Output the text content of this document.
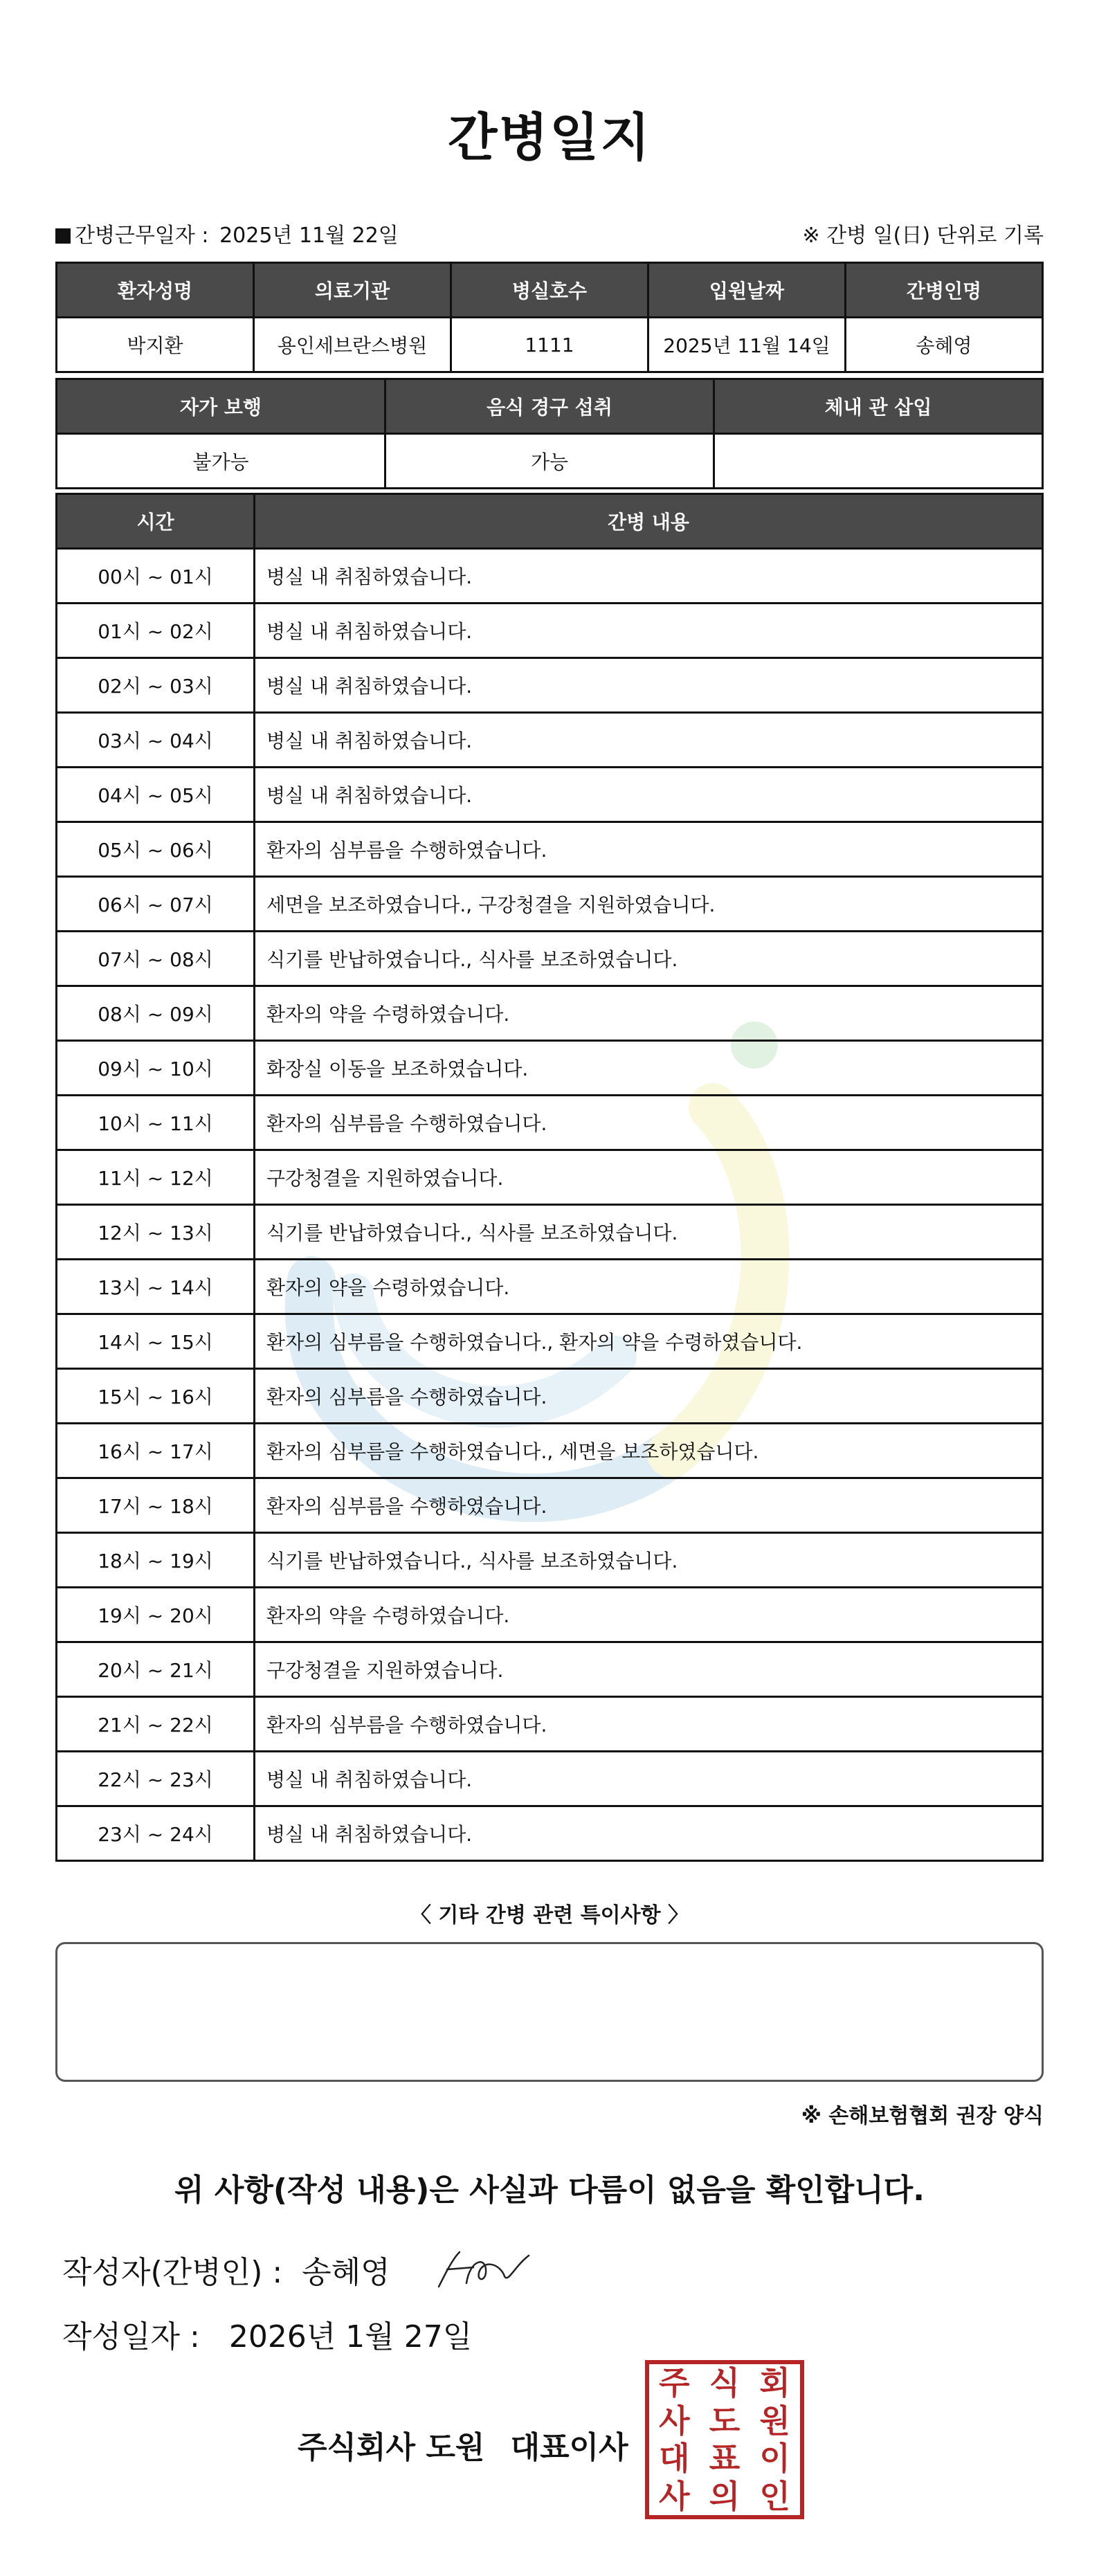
간병일지
간병근무일자 : 2025년 11월 22일	※ 간병 일(日) 단위로 기록
환자성명	의료기관	병실호수	입원날짜	간병인명
박지환	용인세브란스병원	1111	2025년 11월 14일	송혜영
자가 보행	음식 경구 섭취	체내 관 삽입
불가능	가능	
시간	간병 내용
00시 ~ 01시	병실 내 취침하였습니다.
01시 ~ 02시	병실 내 취침하였습니다.
02시 ~ 03시	병실 내 취침하였습니다.
03시 ~ 04시	병실 내 취침하였습니다.
04시 ~ 05시	병실 내 취침하였습니다.
05시 ~ 06시	환자의 심부름을 수행하였습니다.
06시 ~ 07시	세면을 보조하였습니다., 구강청결을 지원하였습니다.
07시 ~ 08시	식기를 반납하였습니다., 식사를 보조하였습니다.
08시 ~ 09시	환자의 약을 수령하였습니다.
09시 ~ 10시	화장실 이동을 보조하였습니다.
10시 ~ 11시	환자의 심부름을 수행하였습니다.
11시 ~ 12시	구강청결을 지원하였습니다.
12시 ~ 13시	식기를 반납하였습니다., 식사를 보조하였습니다.
13시 ~ 14시	환자의 약을 수령하였습니다.
14시 ~ 15시	환자의 심부름을 수행하였습니다., 환자의 약을 수령하였습니다.
15시 ~ 16시	환자의 심부름을 수행하였습니다.
16시 ~ 17시	환자의 심부름을 수행하였습니다., 세면을 보조하였습니다.
17시 ~ 18시	환자의 심부름을 수행하였습니다.
18시 ~ 19시	식기를 반납하였습니다., 식사를 보조하였습니다.
19시 ~ 20시	환자의 약을 수령하였습니다.
20시 ~ 21시	구강청결을 지원하였습니다.
21시 ~ 22시	환자의 심부름을 수행하였습니다.
22시 ~ 23시	병실 내 취침하였습니다.
23시 ~ 24시	병실 내 취침하였습니다.
〈 기타 간병 관련 특이사항 〉
※ 손해보험협회 권장 양식
위 사항(작성 내용)은 사실과 다름이 없음을 확인합니다.
작성자(간병인) : 송혜영
작성일자 : 2026년 1월 27일
주식회사 도원 대표이사
주 식 회
사 도 원
대 표 이
사 의 인
